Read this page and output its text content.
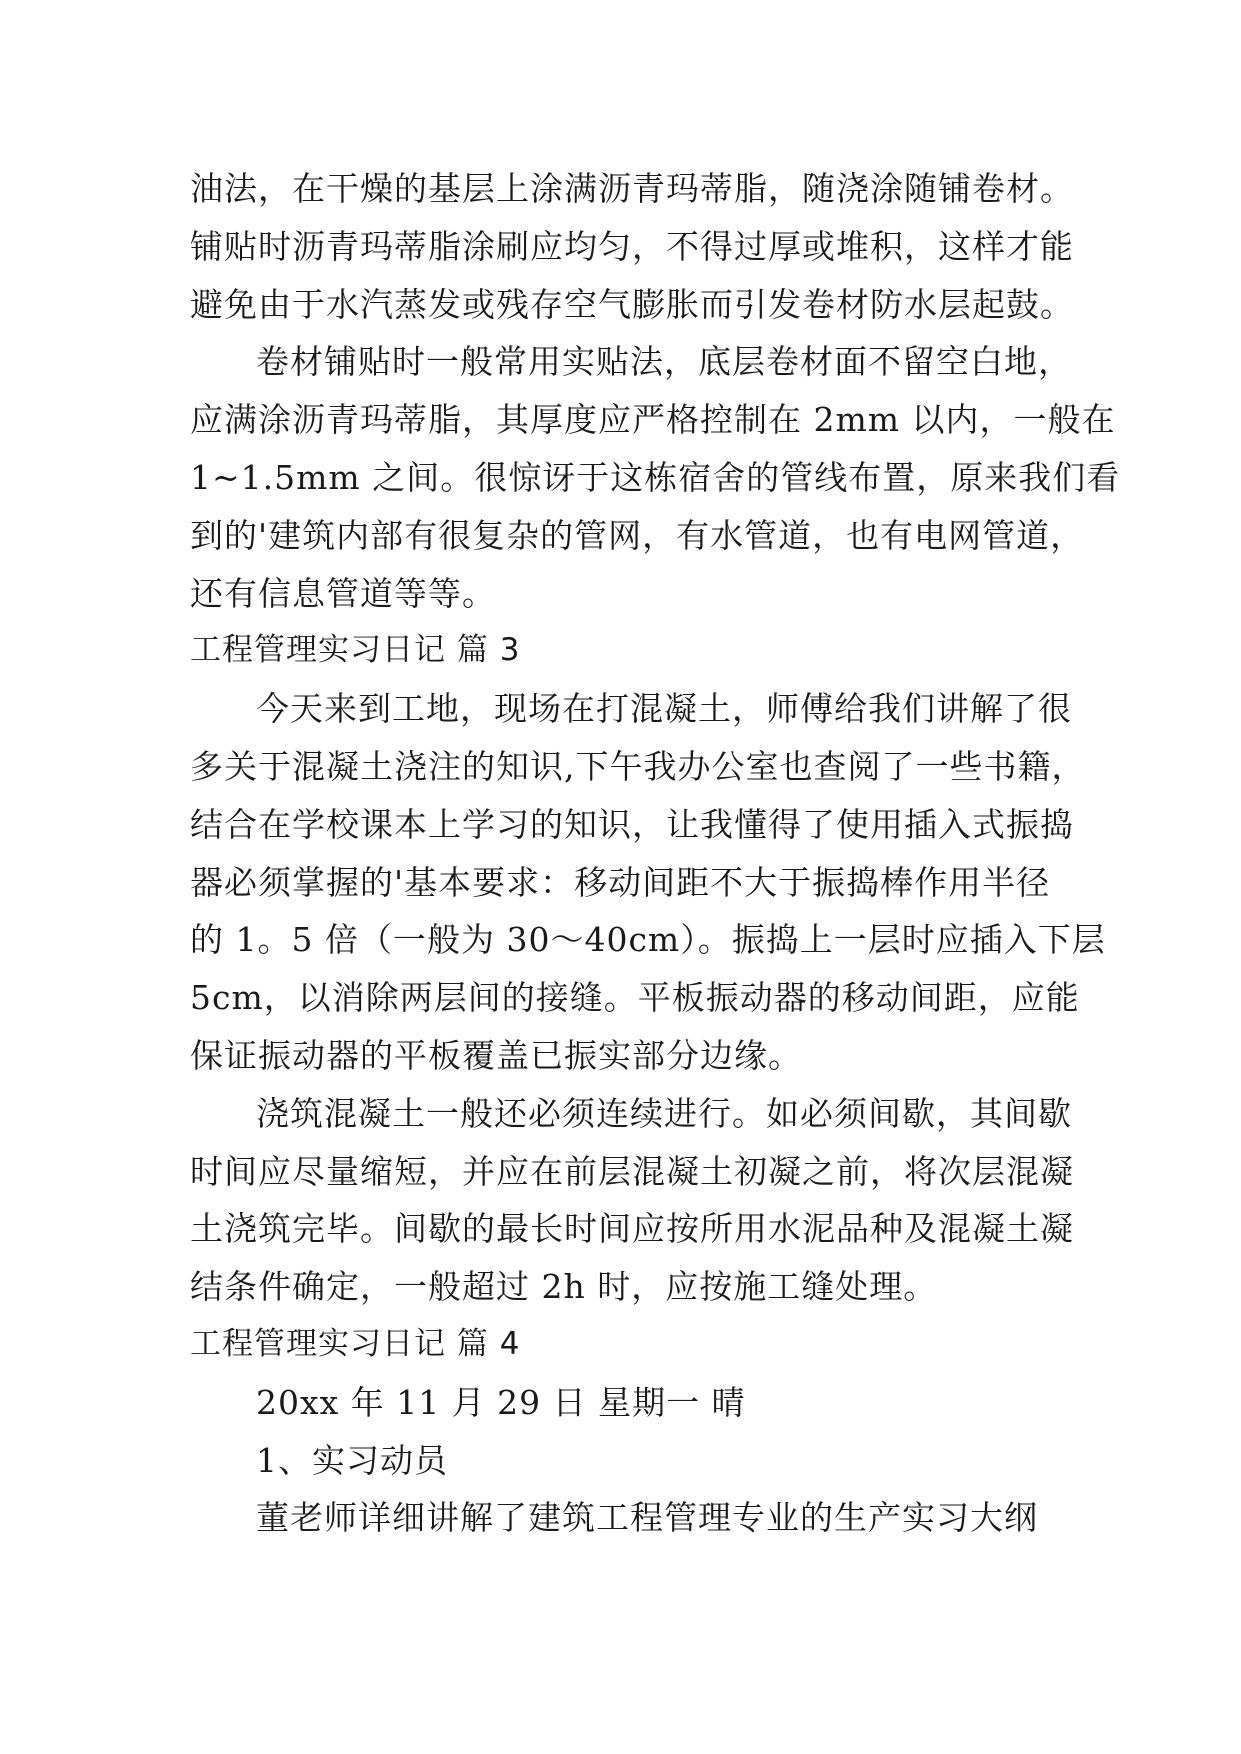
油法，在干燥的基层上涂满沥青玛蒂脂，随浇涂随铺卷材。
铺贴时沥青玛蒂脂涂刷应均匀，不得过厚或堆积，这样才能
避免由于水汽蒸发或残存空气膨胀而引发卷材防水层起鼓。
卷材铺贴时一般常用实贴法，底层卷材面不留空白地，
应满涂沥青玛蒂脂，其厚度应严格控制在 2mm 以内，一般在
1~1.5mm 之间。很惊讶于这栋宿舍的管线布置，原来我们看
到的'建筑内部有很复杂的管网，有水管道，也有电网管道，
还有信息管道等等。
工程管理实习日记 篇 3
今天来到工地，现场在打混凝土，师傅给我们讲解了很
多关于混凝土浇注的知识,下午我办公室也查阅了一些书籍，
结合在学校课本上学习的知识，让我懂得了使用插入式振捣
器必须掌握的'基本要求：移动间距不大于振捣棒作用半径
的 1。5 倍（一般为 30～40cm）。振捣上一层时应插入下层
5cm，以消除两层间的接缝。平板振动器的移动间距，应能
保证振动器的平板覆盖已振实部分边缘。
浇筑混凝土一般还必须连续进行。如必须间歇，其间歇
时间应尽量缩短，并应在前层混凝土初凝之前，将次层混凝
土浇筑完毕。间歇的最长时间应按所用水泥品种及混凝土凝
结条件确定，一般超过 2h 时，应按施工缝处理。
工程管理实习日记 篇 4
20xx 年 11 月 29 日 星期一 晴
1、实习动员
董老师详细讲解了建筑工程管理专业的生产实习大纲
